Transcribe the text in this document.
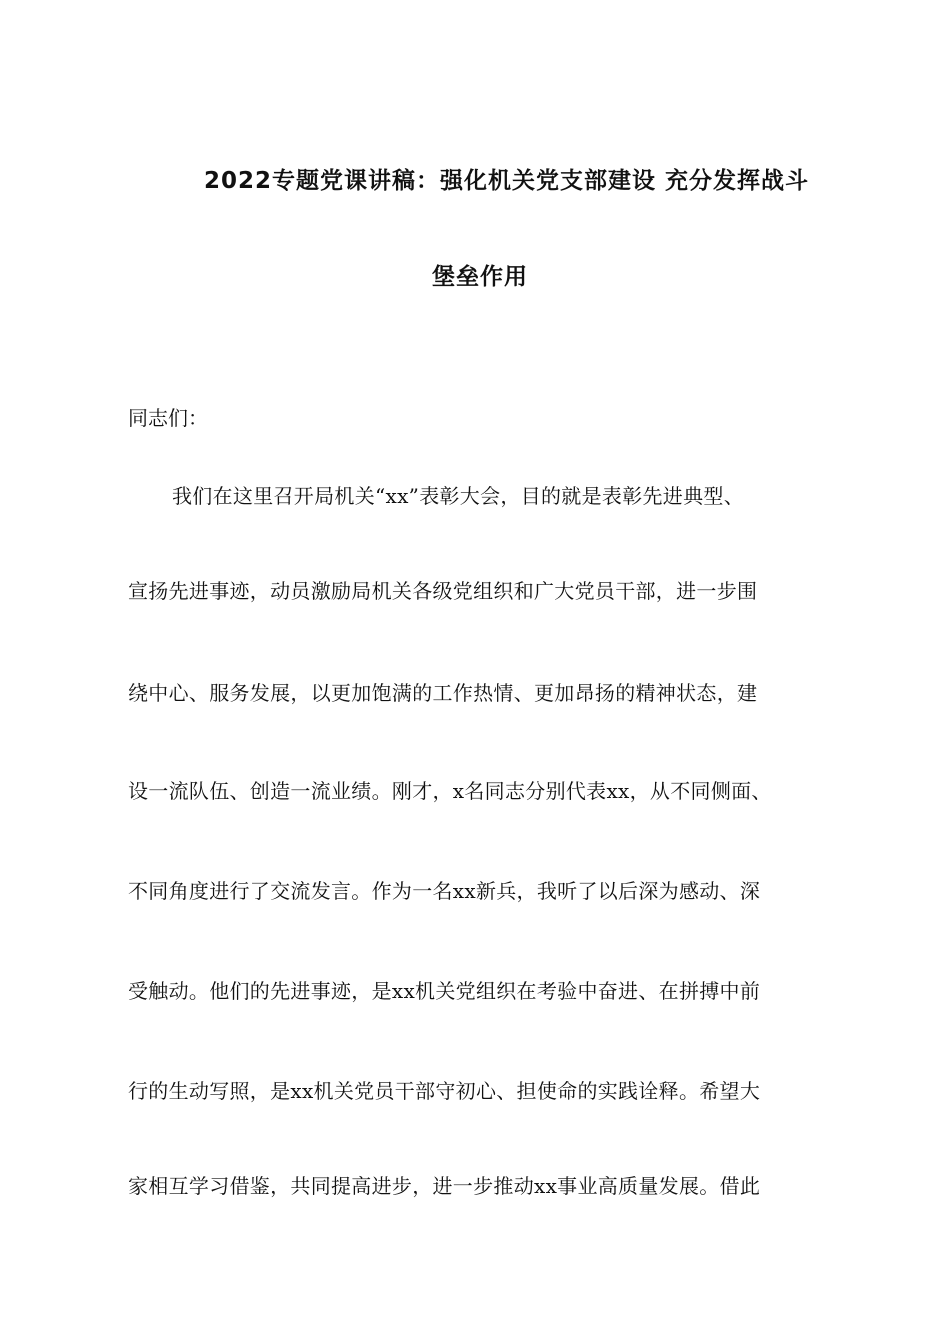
2022专题党课讲稿：强化机关党支部建设 充分发挥战斗
堡垒作用
同志们：
我们在这里召开局机关“xx”表彰大会，目的就是表彰先进典型、
宣扬先进事迹，动员激励局机关各级党组织和广大党员干部，进一步围
绕中心、服务发展，以更加饱满的工作热情、更加昂扬的精神状态，建
设一流队伍、创造一流业绩。刚才，x名同志分别代表xx，从不同侧面、
不同角度进行了交流发言。作为一名xx新兵，我听了以后深为感动、深
受触动。他们的先进事迹，是xx机关党组织在考验中奋进、在拼搏中前
行的生动写照，是xx机关党员干部守初心、担使命的实践诠释。希望大
家相互学习借鉴，共同提高进步，进一步推动xx事业高质量发展。借此
